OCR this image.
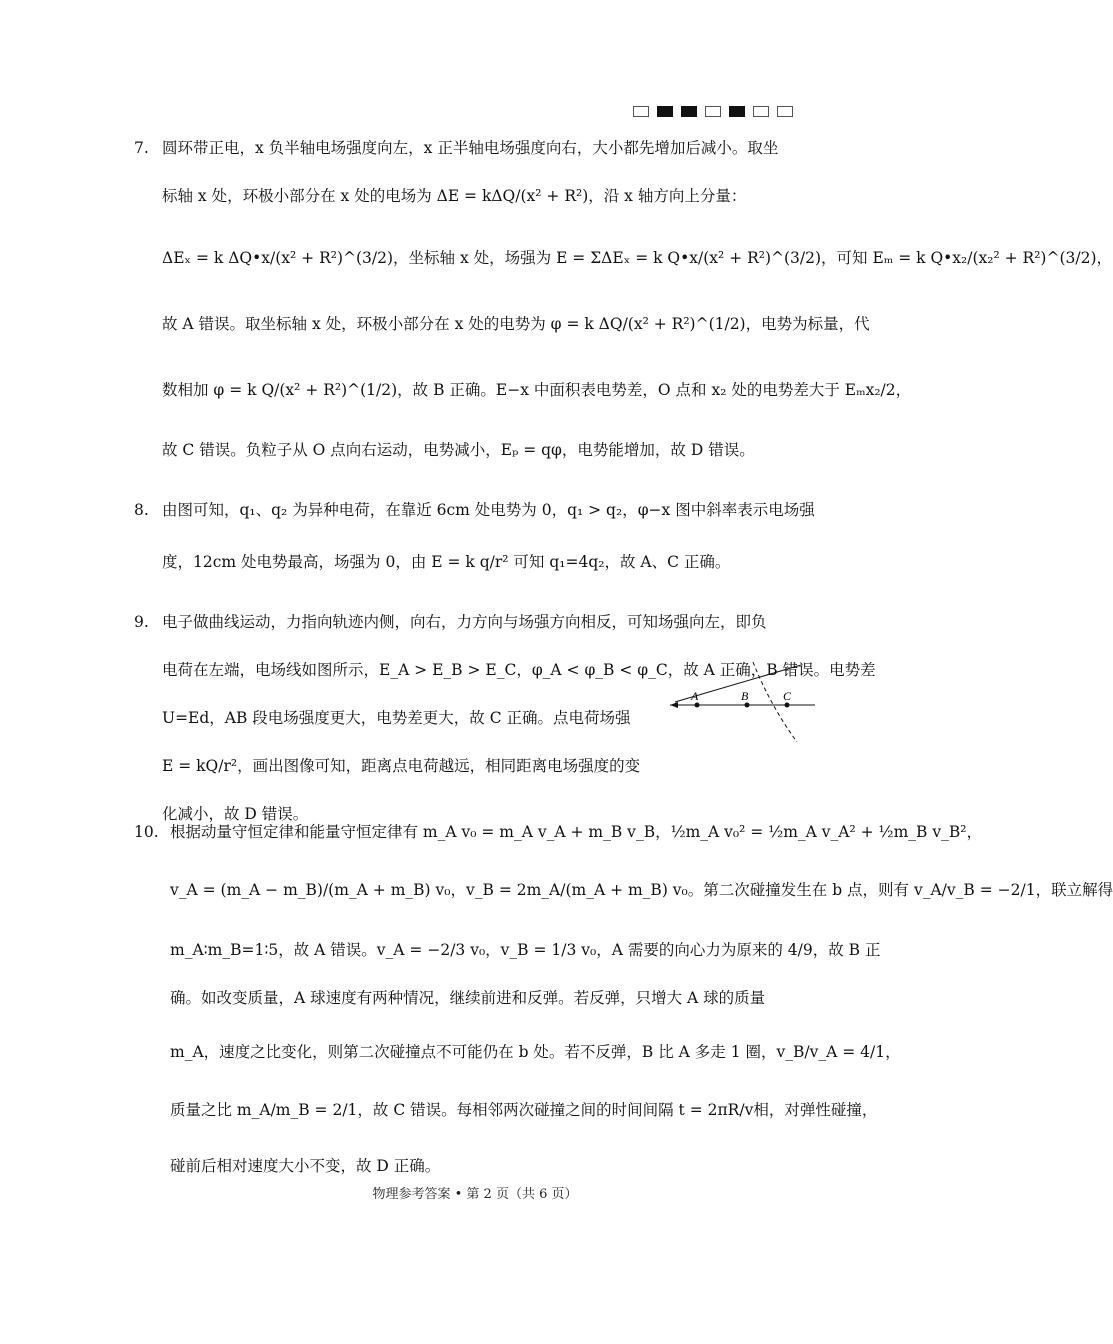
7. 圆环带正电，x 负半轴电场强度向左，x 正半轴电场强度向右，大小都先增加后减小。取坐
标轴 x 处，环极小部分在 x 处的电场为 ΔE = kΔQ/(x² + R²)，沿 x 轴方向上分量：
ΔEₓ = k ΔQ•x/(x² + R²)^(3/2)，坐标轴 x 处，场强为 E = ΣΔEₓ = k Q•x/(x² + R²)^(3/2)，可知 Eₘ = k Q•x₂/(x₂² + R²)^(3/2)，
故 A 错误。取坐标轴 x 处，环极小部分在 x 处的电势为 φ = k ΔQ/(x² + R²)^(1/2)，电势为标量，代
数相加 φ = k Q/(x² + R²)^(1/2)，故 B 正确。E−x 中面积表电势差，O 点和 x₂ 处的电势差大于 Eₘx₂/2，
故 C 错误。负粒子从 O 点向右运动，电势减小，Eₚ = qφ，电势能增加，故 D 错误。
8. 由图可知，q₁、q₂ 为异种电荷，在靠近 6cm 处电势为 0，q₁ > q₂，φ−x 图中斜率表示电场强
度，12cm 处电势最高，场强为 0，由 E = k q/r² 可知 q₁=4q₂，故 A、C 正确。
9. 电子做曲线运动，力指向轨迹内侧，向右，力方向与场强方向相反，可知场强向左，即负
电荷在左端，电场线如图所示，E_A > E_B > E_C，φ_A < φ_B < φ_C，故 A 正确，B 错误。电势差
U=Ed，AB 段电场强度更大，电势差更大，故 C 正确。点电荷场强
E = kQ/r²，画出图像可知，距离点电荷越远，相同距离电场强度的变
化减小，故 D 错误。
A	B	C
10. 根据动量守恒定律和能量守恒定律有 m_A v₀ = m_A v_A + m_B v_B，½m_A v₀² = ½m_A v_A² + ½m_B v_B²，
v_A = (m_A − m_B)/(m_A + m_B) v₀，v_B = 2m_A/(m_A + m_B) v₀。第二次碰撞发生在 b 点，则有 v_A/v_B = −2/1，联立解得
m_A∶m_B=1∶5，故 A 错误。v_A = −2/3 v₀，v_B = 1/3 v₀，A 需要的向心力为原来的 4/9，故 B 正
确。如改变质量，A 球速度有两种情况，继续前进和反弹。若反弹，只增大 A 球的质量
m_A，速度之比变化，则第二次碰撞点不可能仍在 b 处。若不反弹，B 比 A 多走 1 圈，v_B/v_A = 4/1，
质量之比 m_A/m_B = 2/1，故 C 错误。每相邻两次碰撞之间的时间间隔 t = 2πR/v相，对弹性碰撞，
碰前后相对速度大小不变，故 D 正确。
物理参考答案 • 第 2 页（共 6 页）
